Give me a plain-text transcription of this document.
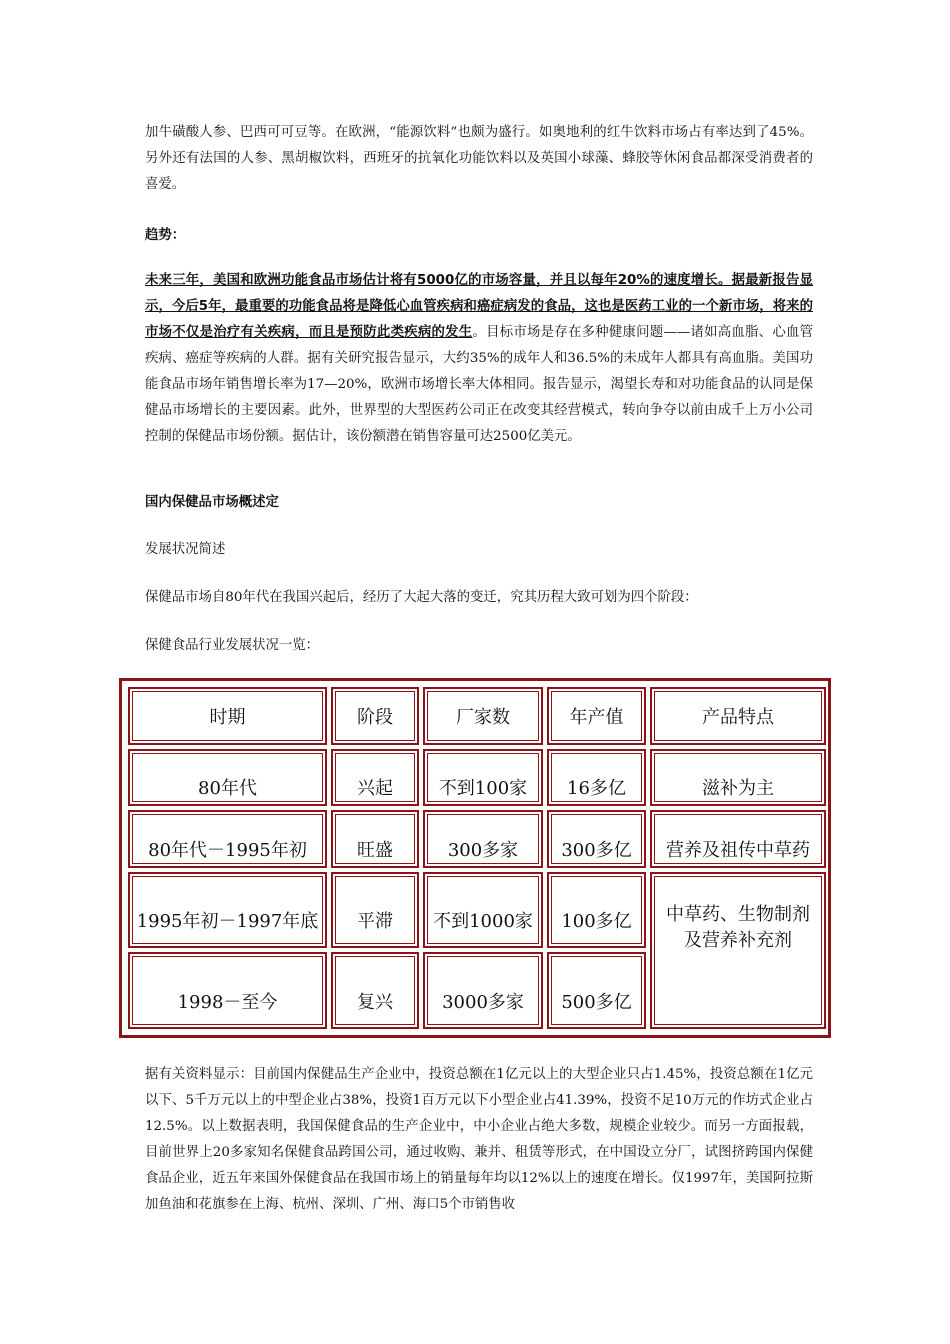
加牛磺酸人参、巴西可可豆等。在欧洲，“能源饮料”也颇为盛行。如奥地利的红牛饮料市场占有率达到了45%。另外还有法国的人参、黑胡椒饮料，西班牙的抗氧化功能饮料以及英国小球藻、蜂胶等休闲食品都深受消费者的喜爱。

趋势：

未来三年，美国和欧洲功能食品市场估计将有5000亿的市场容量，并且以每年20%的速度增长。据最新报告显示，今后5年，最重要的功能食品将是降低心血管疾病和癌症病发的食品，这也是医药工业的一个新市场，将来的市场不仅是治疗有关疾病，而且是预防此类疾病的发生。目标市场是存在多种健康问题——诸如高血脂、心血管疾病、癌症等疾病的人群。据有关研究报告显示，大约35%的成年人和36.5%的未成年人都具有高血脂。美国功能食品市场年销售增长率为17—20%，欧洲市场增长率大体相同。报告显示，渴望长寿和对功能食品的认同是保健品市场增长的主要因素。此外，世界型的大型医药公司正在改变其经营模式，转向争夺以前由成千上万小公司控制的保健品市场份额。据估计，该份额潜在销售容量可达2500亿美元。

国内保健品市场概述定

发展状况简述

保健品市场自80年代在我国兴起后，经历了大起大落的变迁，究其历程大致可划为四个阶段：

保健食品行业发展状况一览：

时期	阶段	厂家数	年产值	产品特点

80年代	兴起	不到100家	16多亿	滋补为主

80年代－1995年初	旺盛	300多家	300多亿	营养及祖传中草药

1995年初－1997年底	平滞	不到1000家	100多亿	中草药、生物制剂及营养补充剂

1998－至今	复兴	3000多家	500多亿	

据有关资料显示：目前国内保健品生产企业中，投资总额在1亿元以上的大型企业只占1.45%，投资总额在1亿元以下、5千万元以上的中型企业占38%，投资1百万元以下小型企业占41.39%，投资不足10万元的作坊式企业占12.5%。以上数据表明，我国保健食品的生产企业中，中小企业占绝大多数，规模企业较少。而另一方面报载，目前世界上20多家知名保健食品跨国公司，通过收购、兼并、租赁等形式，在中国设立分厂，试图挤跨国内保健食品企业，近五年来国外保健食品在我国市场上的销量每年均以12%以上的速度在增长。仅1997年，美国阿拉斯加鱼油和花旗参在上海、杭州、深圳、广州、海口5个市销售收
